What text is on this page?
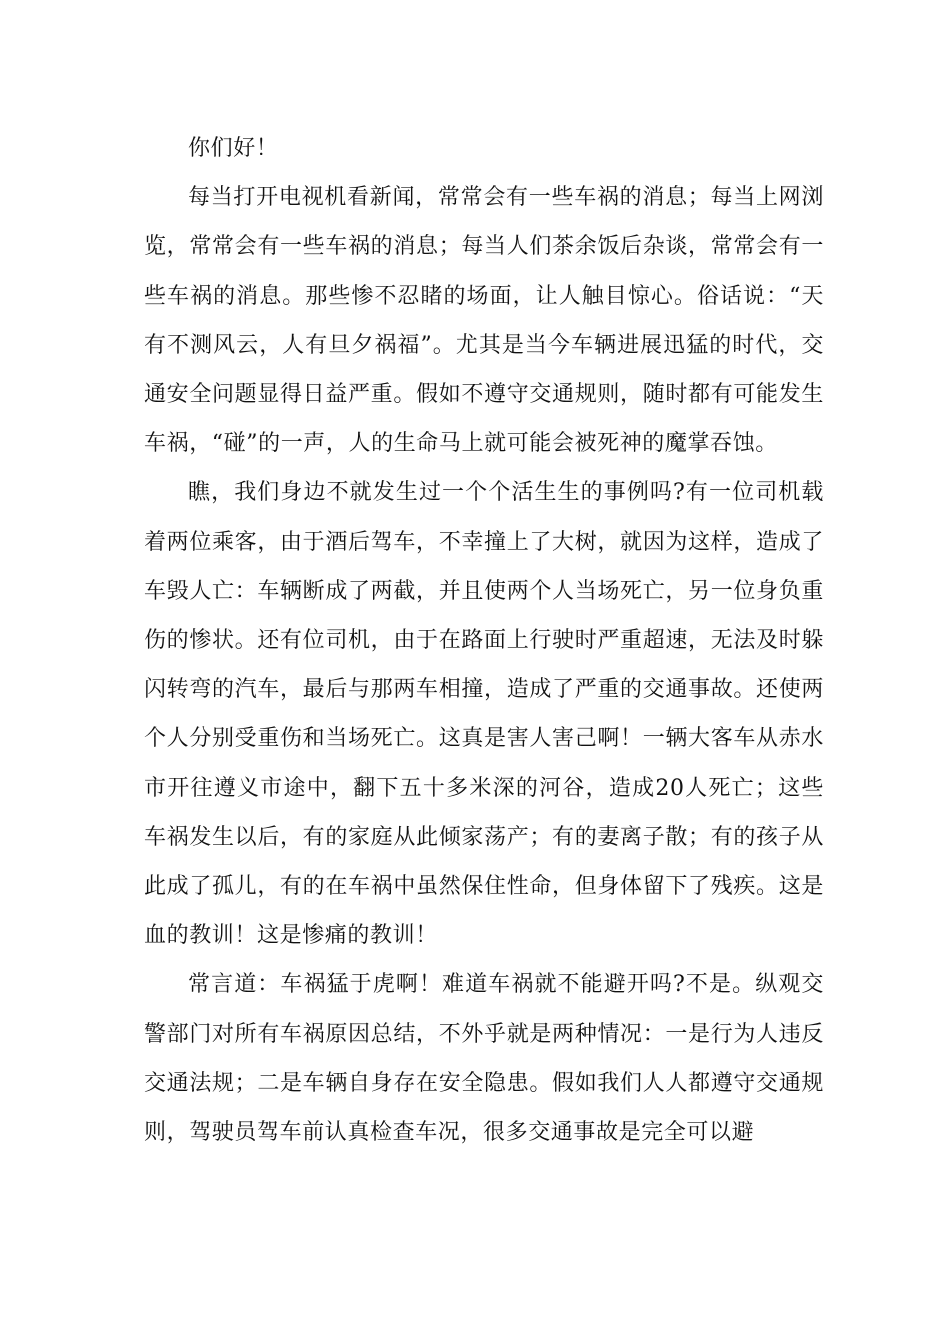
你们好！

每当打开电视机看新闻，常常会有一些车祸的消息；每当上网浏览，常常会有一些车祸的消息；每当人们茶余饭后杂谈，常常会有一些车祸的消息。那些惨不忍睹的场面，让人触目惊心。俗话说：“天有不测风云，人有旦夕祸福”。尤其是当今车辆进展迅猛的时代，交通安全问题显得日益严重。假如不遵守交通规则，随时都有可能发生车祸，“碰”的一声，人的生命马上就可能会被死神的魔掌吞蚀。

瞧，我们身边不就发生过一个个活生生的事例吗?有一位司机载着两位乘客，由于酒后驾车，不幸撞上了大树，就因为这样，造成了车毁人亡：车辆断成了两截，并且使两个人当场死亡，另一位身负重伤的惨状。还有位司机，由于在路面上行驶时严重超速，无法及时躲闪转弯的汽车，最后与那两车相撞，造成了严重的交通事故。还使两个人分别受重伤和当场死亡。这真是害人害己啊！一辆大客车从赤水市开往遵义市途中，翻下五十多米深的河谷，造成20人死亡；这些车祸发生以后，有的家庭从此倾家荡产；有的妻离子散；有的孩子从此成了孤儿，有的在车祸中虽然保住性命，但身体留下了残疾。这是血的教训！这是惨痛的教训！

常言道：车祸猛于虎啊！难道车祸就不能避开吗?不是。纵观交警部门对所有车祸原因总结，不外乎就是两种情况：一是行为人违反交通法规；二是车辆自身存在安全隐患。假如我们人人都遵守交通规则，驾驶员驾车前认真检查车况，很多交通事故是完全可以避
